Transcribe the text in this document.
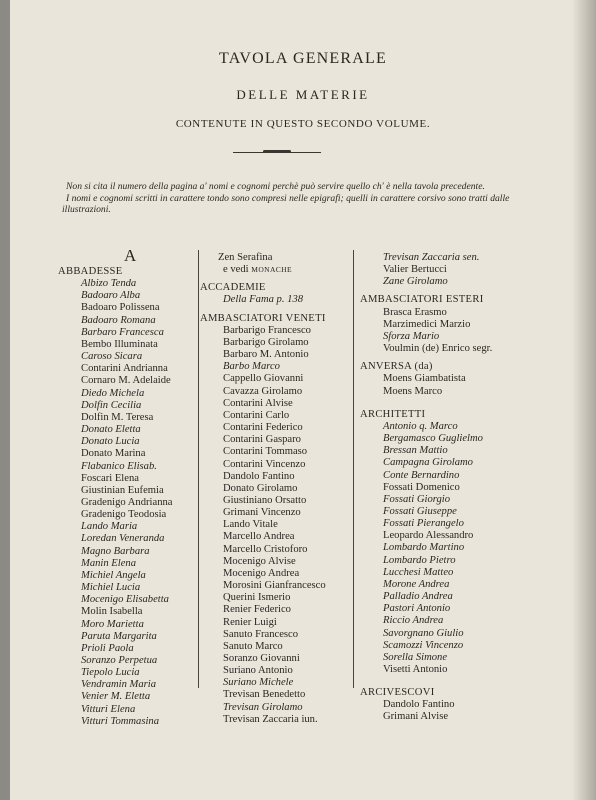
TAVOLA GENERALE
DELLE MATERIE
CONTENUTE IN QUESTO SECONDO VOLUME.

Non si cita il numero della pagina a' nomi e cognomi perchè può servire quello ch' è nella tavola precedente.

I nomi e cognomi scritti in carattere tondo sono compresi nelle epigrafi; quelli in carattere corsivo sono tratti dalle illustrazioni.

A
ABBADESSE
Albizo Tenda
Badoaro Alba
Badoaro Polissena
Badoaro Romana
Barbaro Francesca
Bembo Illuminata
Caroso Sicara
Contarini Andrianna
Cornaro M. Adelaide
Diedo Michela
Dolfin Cecilia
Dolfin M. Teresa
Donato Eletta
Donato Lucia
Donato Marina
Flabanico Elisab.
Foscari Elena
Giustinian Eufemia
Gradenigo Andrianna
Gradenigo Teodosia
Lando Maria
Loredan Veneranda
Magno Barbara
Manin Elena
Michiel Angela
Michiel Lucia
Mocenigo Elisabetta
Molin Isabella
Moro Marietta
Paruta Margarita
Prioli Paola
Soranzo Perpetua
Tiepolo Lucia
Vendramin Maria
Venier M. Eletta
Vitturi Elena
Vitturi Tommasina
Zen Serafina
e vedi MONACHE
ACCADEMIE
Della Fama p. 138
AMBASCIATORI VENETI
Barbarigo Francesco
Barbarigo Girolamo
Barbaro M. Antonio
Barbo Marco
Cappello Giovanni
Cavazza Girolamo
Contarini Alvise
Contarini Carlo
Contarini Federico
Contarini Gasparo
Contarini Tommaso
Contarini Vincenzo
Dandolo Fantino
Donato Girolamo
Giustiniano Orsatto
Grimani Vincenzo
Lando Vitale
Marcello Andrea
Marcello Cristoforo
Mocenigo Alvise
Mocenigo Andrea
Morosini Gianfrancesco
Querini Ismerio
Renier Federico
Renier Luigi
Sanuto Francesco
Sanuto Marco
Soranzo Giovanni
Suriano Antonio
Suriano Michele
Trevisan Benedetto
Trevisan Girolamo
Trevisan Zaccaria iun.
Trevisan Zaccaria sen.
Valier Bertucci
Zane Girolamo
AMBASCIATORI ESTERI
Brasca Erasmo
Marzimedici Marzio
Sforza Mario
Voulmin (de) Enrico segr.
ANVERSA (da)
Moens Giambatista
Moens Marco
ARCHITETTI
Antonio q. Marco
Bergamasco Guglielmo
Bressan Mattio
Campagna Girolamo
Conte Bernardino
Fossati Domenico
Fossati Giorgio
Fossati Giuseppe
Fossati Pierangelo
Leopardo Alessandro
Lombardo Martino
Lombardo Pietro
Lucchesi Matteo
Morone Andrea
Palladio Andrea
Pastori Antonio
Riccio Andrea
Savorgnano Giulio
Scamozzi Vincenzo
Sorella Simone
Visetti Antonio
ARCIVESCOVI
Dandolo Fantino
Grimani Alvise
